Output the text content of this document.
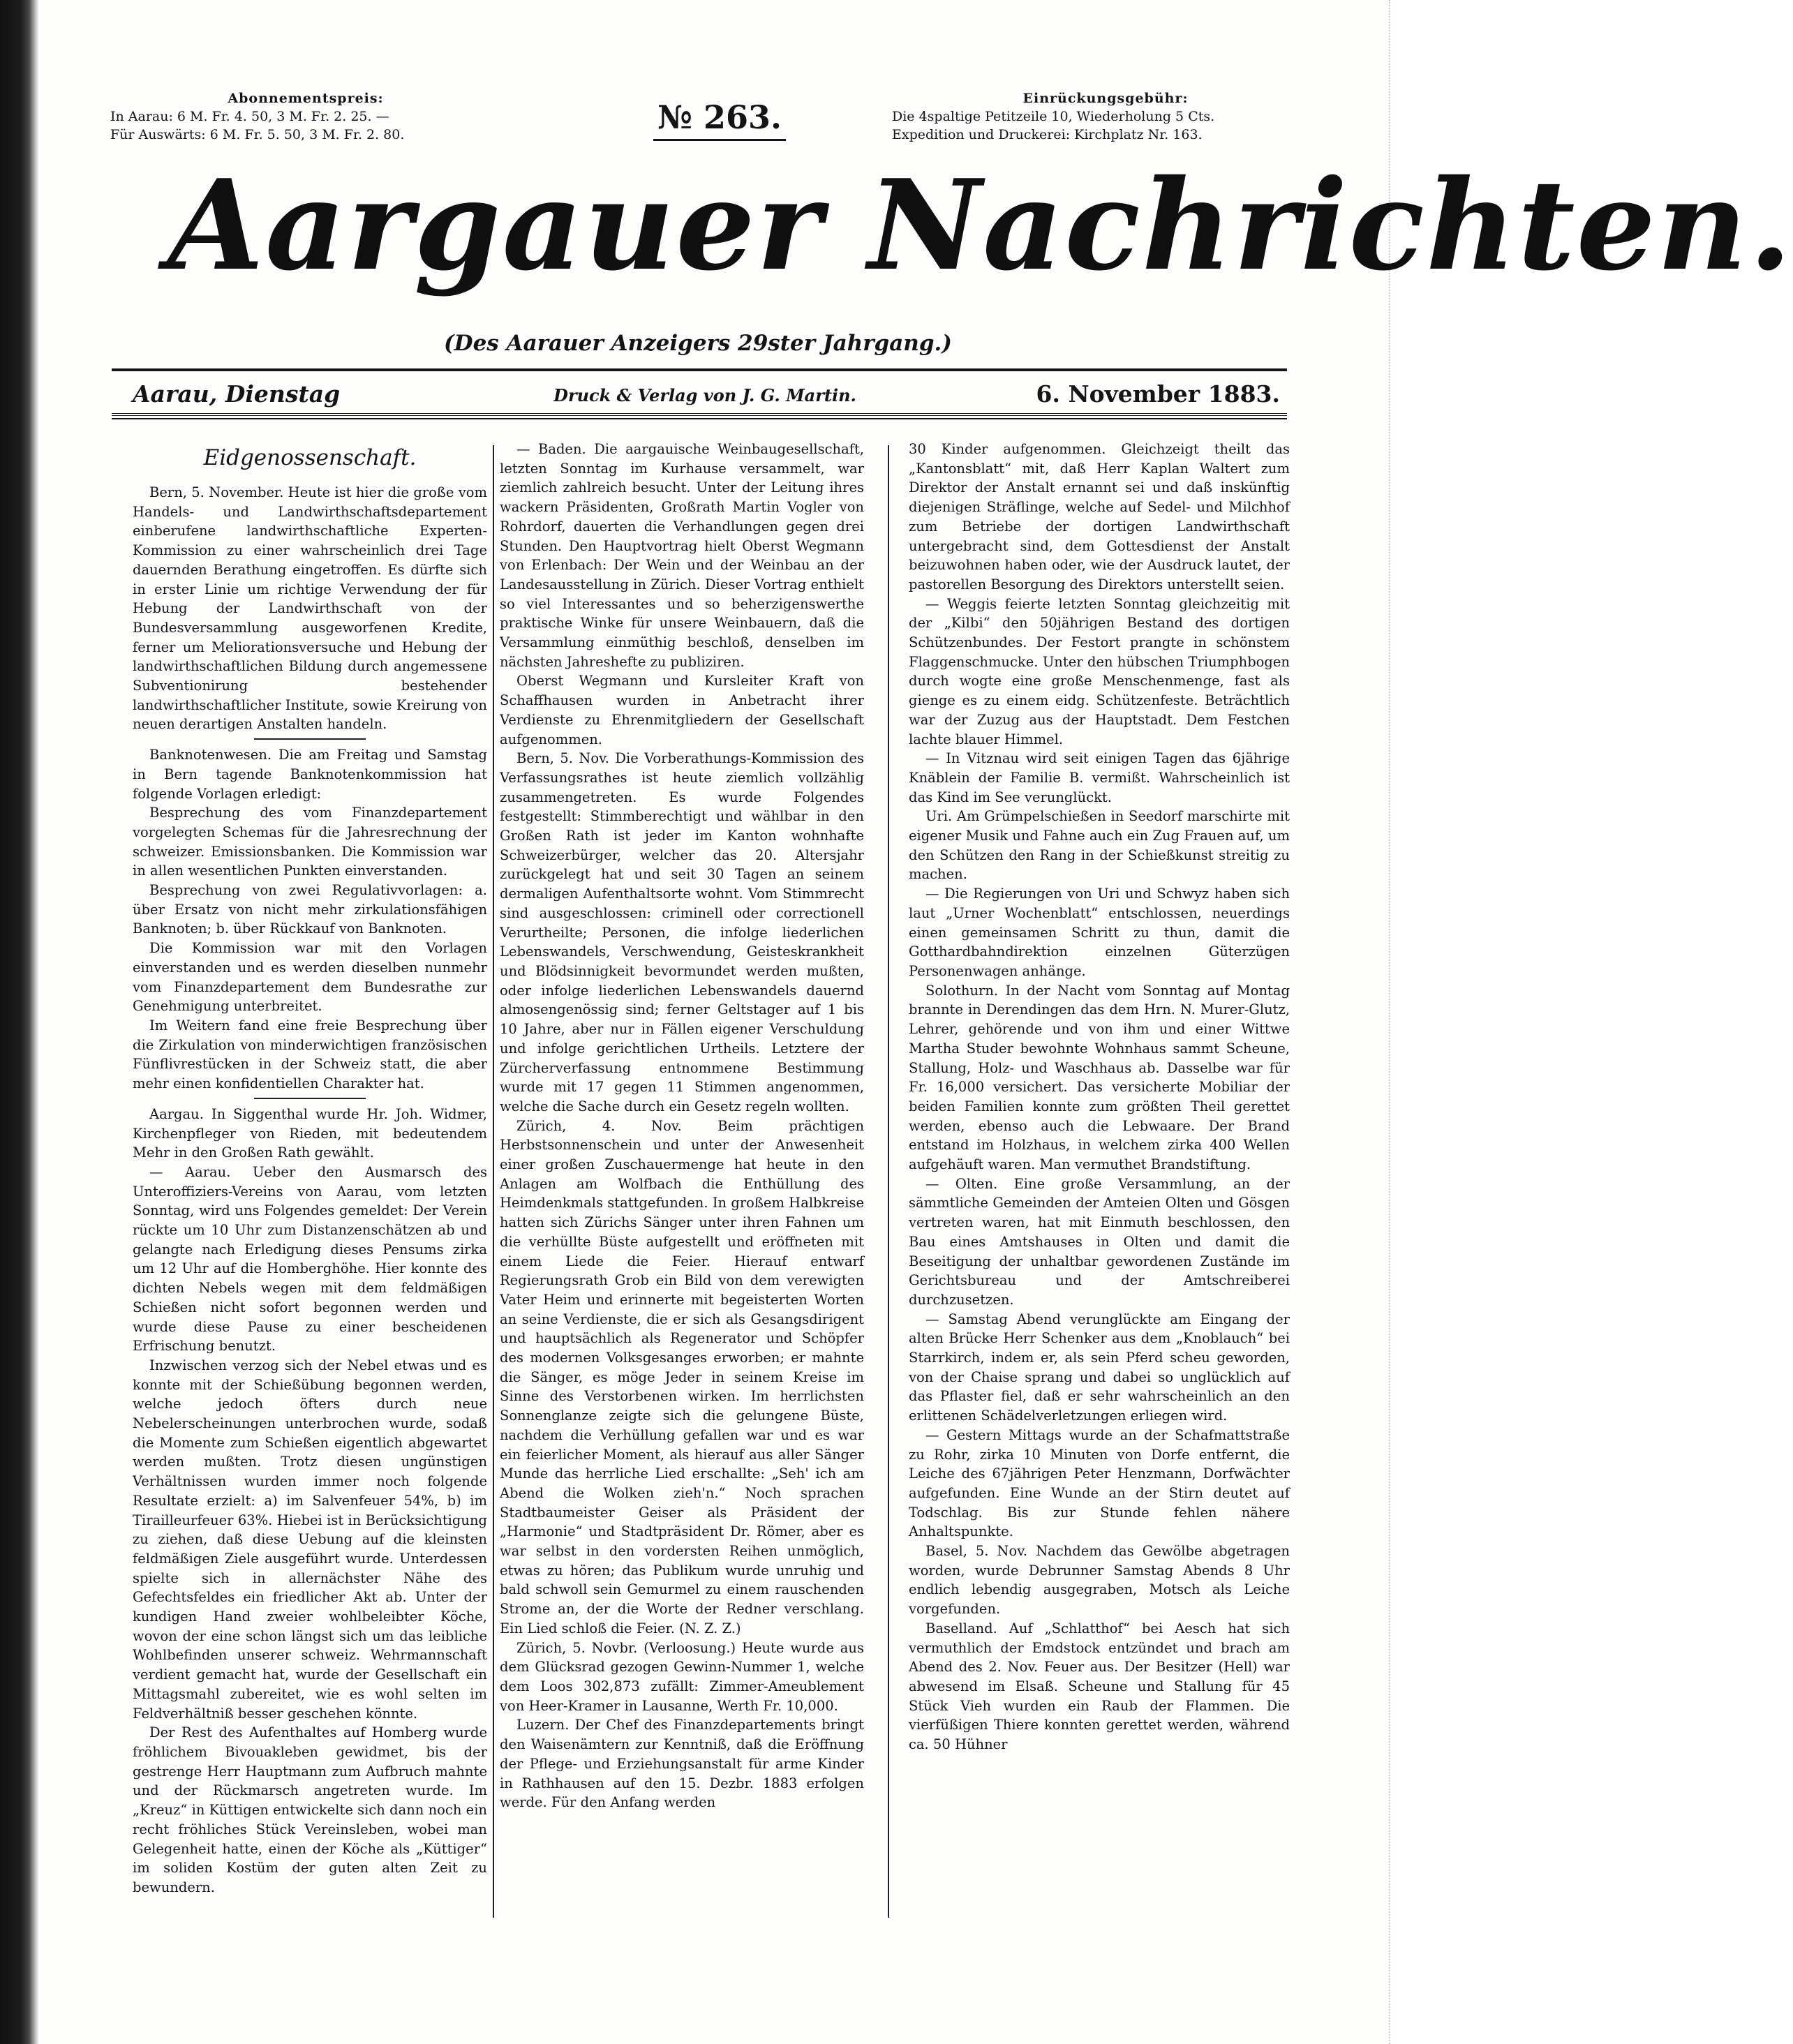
Abonnementspreis:
In Aarau: 6 M. Fr. 4. 50, 3 M. Fr. 2. 25. —
Für Auswärts: 6 M. Fr. 5. 50, 3 M. Fr. 2. 80.	№ 263.	Einrückungsgebühr:
Die 4spaltige Petitzeile 10, Wiederholung 5 Cts.
Expedition und Druckerei: Kirchplatz Nr. 163.
Aargauer Nachrichten.
(Des Aarauer Anzeigers 29ster Jahrgang.)
Aarau, Dienstag	Druck & Verlag von J. G. Martin.	6. November 1883.
Eidgenossenschaft.

Bern, 5. November. Heute ist hier die große vom Handels- und Landwirthschaftsdepartement einberufene landwirthschaftliche Experten-Kommission zu einer wahrscheinlich drei Tage dauernden Berathung eingetroffen. Es dürfte sich in erster Linie um richtige Verwendung der für Hebung der Landwirthschaft von der Bundesversammlung ausgeworfenen Kredite, ferner um Meliorationsversuche und Hebung der landwirthschaftlichen Bildung durch angemessene Subventionirung bestehender landwirthschaftlicher Institute, sowie Kreirung von neuen derartigen Anstalten handeln.

Banknotenwesen. Die am Freitag und Samstag in Bern tagende Banknotenkommission hat folgende Vorlagen erledigt:

Besprechung des vom Finanzdepartement vorgelegten Schemas für die Jahresrechnung der schweizer. Emissionsbanken. Die Kommission war in allen wesentlichen Punkten einverstanden.

Besprechung von zwei Regulativvorlagen: a. über Ersatz von nicht mehr zirkulationsfähigen Banknoten; b. über Rückkauf von Banknoten.

Die Kommission war mit den Vorlagen einverstanden und es werden dieselben nunmehr vom Finanzdepartement dem Bundesrathe zur Genehmigung unterbreitet.

Im Weitern fand eine freie Besprechung über die Zirkulation von minderwichtigen französischen Fünflivrestücken in der Schweiz statt, die aber mehr einen konfidentiellen Charakter hat.

Aargau. In Siggenthal wurde Hr. Joh. Widmer, Kirchenpfleger von Rieden, mit bedeutendem Mehr in den Großen Rath gewählt.

— Aarau. Ueber den Ausmarsch des Unteroffiziers-Vereins von Aarau, vom letzten Sonntag, wird uns Folgendes gemeldet: Der Verein rückte um 10 Uhr zum Distanzenschätzen ab und gelangte nach Erledigung dieses Pensums zirka um 12 Uhr auf die Homberghöhe. Hier konnte des dichten Nebels wegen mit dem feldmäßigen Schießen nicht sofort begonnen werden und wurde diese Pause zu einer bescheidenen Erfrischung benutzt.

Inzwischen verzog sich der Nebel etwas und es konnte mit der Schießübung begonnen werden, welche jedoch öfters durch neue Nebelerscheinungen unterbrochen wurde, sodaß die Momente zum Schießen eigentlich abgewartet werden mußten. Trotz diesen ungünstigen Verhältnissen wurden immer noch folgende Resultate erzielt: a) im Salvenfeuer 54%, b) im Tirailleurfeuer 63%. Hiebei ist in Berücksichtigung zu ziehen, daß diese Uebung auf die kleinsten feldmäßigen Ziele ausgeführt wurde. Unterdessen spielte sich in allernächster Nähe des Gefechtsfeldes ein friedlicher Akt ab. Unter der kundigen Hand zweier wohlbeleibter Köche, wovon der eine schon längst sich um das leibliche Wohlbefinden unserer schweiz. Wehrmannschaft verdient gemacht hat, wurde der Gesellschaft ein Mittagsmahl zubereitet, wie es wohl selten im Feldverhältniß besser geschehen könnte.

Der Rest des Aufenthaltes auf Homberg wurde fröhlichem Bivouakleben gewidmet, bis der gestrenge Herr Hauptmann zum Aufbruch mahnte und der Rückmarsch angetreten wurde. Im „Kreuz“ in Küttigen entwickelte sich dann noch ein recht fröhliches Stück Vereinsleben, wobei man Gelegenheit hatte, einen der Köche als „Küttiger“ im soliden Kostüm der guten alten Zeit zu bewundern.

— Baden. Die aargauische Weinbaugesellschaft, letzten Sonntag im Kurhause versammelt, war ziemlich zahlreich besucht. Unter der Leitung ihres wackern Präsidenten, Großrath Martin Vogler von Rohrdorf, dauerten die Verhandlungen gegen drei Stunden. Den Hauptvortrag hielt Oberst Wegmann von Erlenbach: Der Wein und der Weinbau an der Landesausstellung in Zürich. Dieser Vortrag enthielt so viel Interessantes und so beherzigenswerthe praktische Winke für unsere Weinbauern, daß die Versammlung einmüthig beschloß, denselben im nächsten Jahreshefte zu publiziren.

Oberst Wegmann und Kursleiter Kraft von Schaffhausen wurden in Anbetracht ihrer Verdienste zu Ehrenmitgliedern der Gesellschaft aufgenommen.

Bern, 5. Nov. Die Vorberathungs-Kommission des Verfassungsrathes ist heute ziemlich vollzählig zusammengetreten. Es wurde Folgendes festgestellt: Stimmberechtigt und wählbar in den Großen Rath ist jeder im Kanton wohnhafte Schweizerbürger, welcher das 20. Altersjahr zurückgelegt hat und seit 30 Tagen an seinem dermaligen Aufenthaltsorte wohnt. Vom Stimmrecht sind ausgeschlossen: criminell oder correctionell Verurtheilte; Personen, die infolge liederlichen Lebenswandels, Verschwendung, Geisteskrankheit und Blödsinnigkeit bevormundet werden mußten, oder infolge liederlichen Lebenswandels dauernd almosengenössig sind; ferner Geltstager auf 1 bis 10 Jahre, aber nur in Fällen eigener Verschuldung und infolge gerichtlichen Urtheils. Letztere der Zürcherverfassung entnommene Bestimmung wurde mit 17 gegen 11 Stimmen angenommen, welche die Sache durch ein Gesetz regeln wollten.

Zürich, 4. Nov. Beim prächtigen Herbstsonnenschein und unter der Anwesenheit einer großen Zuschauermenge hat heute in den Anlagen am Wolfbach die Enthüllung des Heimdenkmals stattgefunden. In großem Halbkreise hatten sich Zürichs Sänger unter ihren Fahnen um die verhüllte Büste aufgestellt und eröffneten mit einem Liede die Feier. Hierauf entwarf Regierungsrath Grob ein Bild von dem verewigten Vater Heim und erinnerte mit begeisterten Worten an seine Verdienste, die er sich als Gesangsdirigent und hauptsächlich als Regenerator und Schöpfer des modernen Volksgesanges erworben; er mahnte die Sänger, es möge Jeder in seinem Kreise im Sinne des Verstorbenen wirken. Im herrlichsten Sonnenglanze zeigte sich die gelungene Büste, nachdem die Verhüllung gefallen war und es war ein feierlicher Moment, als hierauf aus aller Sänger Munde das herrliche Lied erschallte: „Seh' ich am Abend die Wolken zieh'n.“ Noch sprachen Stadtbaumeister Geiser als Präsident der „Harmonie“ und Stadtpräsident Dr. Römer, aber es war selbst in den vordersten Reihen unmöglich, etwas zu hören; das Publikum wurde unruhig und bald schwoll sein Gemurmel zu einem rauschenden Strome an, der die Worte der Redner verschlang. Ein Lied schloß die Feier. (N. Z. Z.)

Zürich, 5. Novbr. (Verloosung.) Heute wurde aus dem Glücksrad gezogen Gewinn-Nummer 1, welche dem Loos 302,873 zufällt: Zimmer-Ameublement von Heer-Kramer in Lausanne, Werth Fr. 10,000.

Luzern. Der Chef des Finanzdepartements bringt den Waisenämtern zur Kenntniß, daß die Eröffnung der Pflege- und Erziehungsanstalt für arme Kinder in Rathhausen auf den 15. Dezbr. 1883 erfolgen werde. Für den Anfang werden

30 Kinder aufgenommen. Gleichzeigt theilt das „Kantonsblatt“ mit, daß Herr Kaplan Waltert zum Direktor der Anstalt ernannt sei und daß inskünftig diejenigen Sträflinge, welche auf Sedel- und Milchhof zum Betriebe der dortigen Landwirthschaft untergebracht sind, dem Gottesdienst der Anstalt beizuwohnen haben oder, wie der Ausdruck lautet, der pastorellen Besorgung des Direktors unterstellt seien.

— Weggis feierte letzten Sonntag gleichzeitig mit der „Kilbi“ den 50jährigen Bestand des dortigen Schützenbundes. Der Festort prangte in schönstem Flaggenschmucke. Unter den hübschen Triumphbogen durch wogte eine große Menschenmenge, fast als gienge es zu einem eidg. Schützenfeste. Beträchtlich war der Zuzug aus der Hauptstadt. Dem Festchen lachte blauer Himmel.

— In Vitznau wird seit einigen Tagen das 6jährige Knäblein der Familie B. vermißt. Wahrscheinlich ist das Kind im See verunglückt.

Uri. Am Grümpelschießen in Seedorf marschirte mit eigener Musik und Fahne auch ein Zug Frauen auf, um den Schützen den Rang in der Schießkunst streitig zu machen.

— Die Regierungen von Uri und Schwyz haben sich laut „Urner Wochenblatt“ entschlossen, neuerdings einen gemeinsamen Schritt zu thun, damit die Gotthardbahndirektion einzelnen Güterzügen Personenwagen anhänge.

Solothurn. In der Nacht vom Sonntag auf Montag brannte in Derendingen das dem Hrn. N. Murer-Glutz, Lehrer, gehörende und von ihm und einer Wittwe Martha Studer bewohnte Wohnhaus sammt Scheune, Stallung, Holz- und Waschhaus ab. Dasselbe war für Fr. 16,000 versichert. Das versicherte Mobiliar der beiden Familien konnte zum größten Theil gerettet werden, ebenso auch die Lebwaare. Der Brand entstand im Holzhaus, in welchem zirka 400 Wellen aufgehäuft waren. Man vermuthet Brandstiftung.

— Olten. Eine große Versammlung, an der sämmtliche Gemeinden der Amteien Olten und Gösgen vertreten waren, hat mit Einmuth beschlossen, den Bau eines Amtshauses in Olten und damit die Beseitigung der unhaltbar gewordenen Zustände im Gerichtsbureau und der Amtschreiberei durchzusetzen.

— Samstag Abend verunglückte am Eingang der alten Brücke Herr Schenker aus dem „Knoblauch“ bei Starrkirch, indem er, als sein Pferd scheu geworden, von der Chaise sprang und dabei so unglücklich auf das Pflaster fiel, daß er sehr wahrscheinlich an den erlittenen Schädelverletzungen erliegen wird.

— Gestern Mittags wurde an der Schafmattstraße zu Rohr, zirka 10 Minuten von Dorfe entfernt, die Leiche des 67jährigen Peter Henzmann, Dorfwächter aufgefunden. Eine Wunde an der Stirn deutet auf Todschlag. Bis zur Stunde fehlen nähere Anhaltspunkte.

Basel, 5. Nov. Nachdem das Gewölbe abgetragen worden, wurde Debrunner Samstag Abends 8 Uhr endlich lebendig ausgegraben, Motsch als Leiche vorgefunden.

Baselland. Auf „Schlatthof“ bei Aesch hat sich vermuthlich der Emdstock entzündet und brach am Abend des 2. Nov. Feuer aus. Der Besitzer (Hell) war abwesend im Elsaß. Scheune und Stallung für 45 Stück Vieh wurden ein Raub der Flammen. Die vierfüßigen Thiere konnten gerettet werden, während ca. 50 Hühner
